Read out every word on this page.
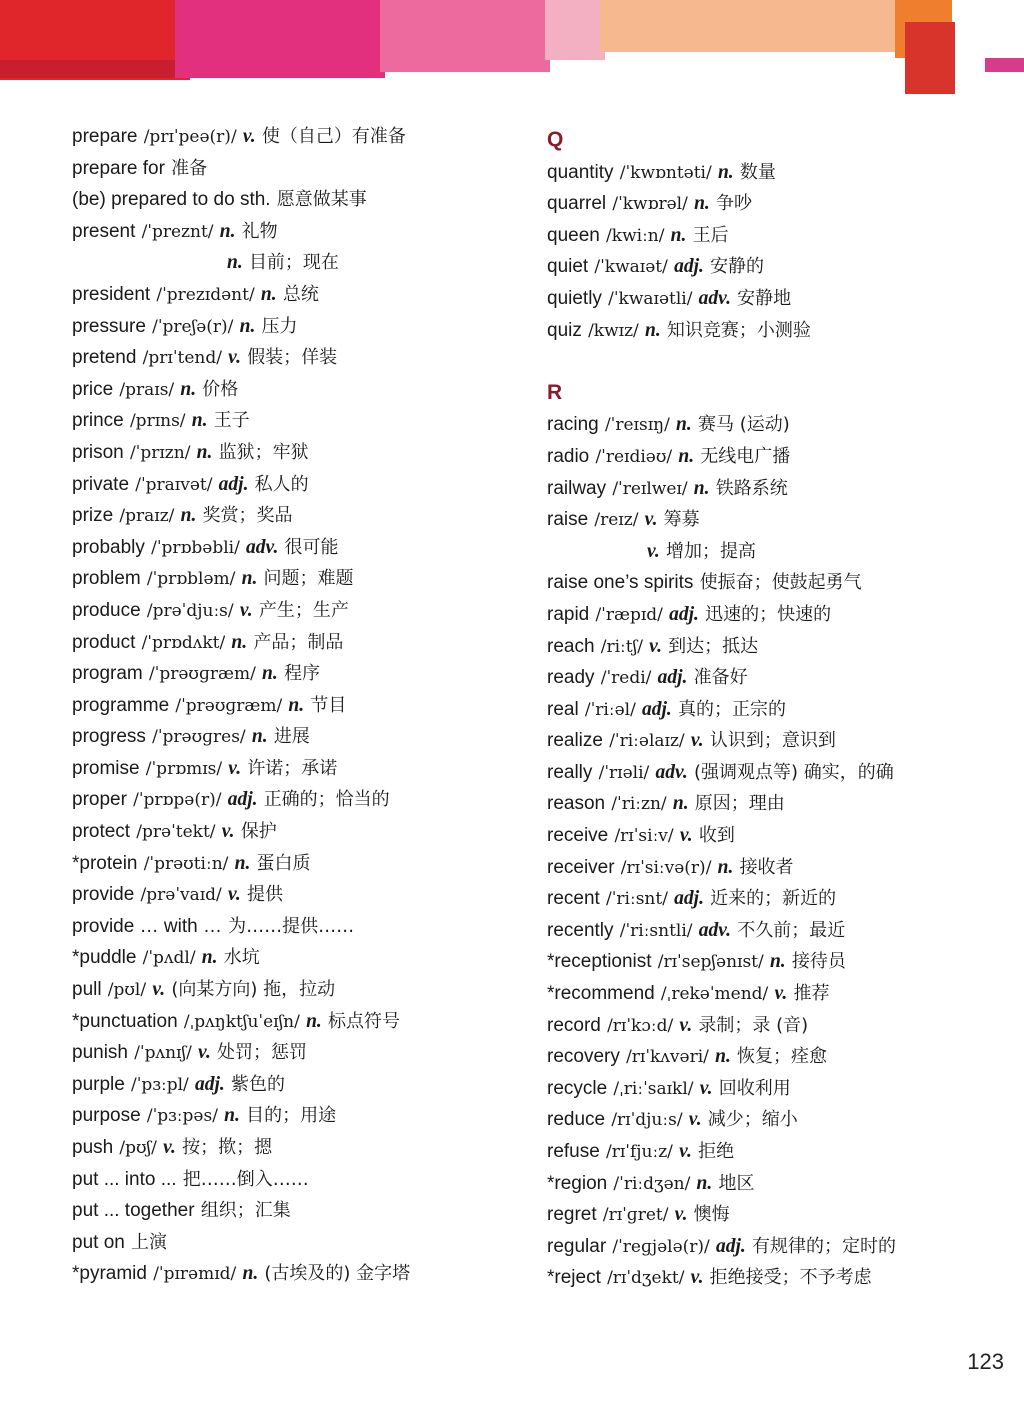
prepare /prɪˈpeə(r)/ v. 使（自己）有准备
prepare for 准备
(be) prepared to do sth. 愿意做某事
present /ˈpreznt/ n. 礼物
n. 目前；现在
president /ˈprezɪdənt/ n. 总统
pressure /ˈpreʃə(r)/ n. 压力
pretend /prɪˈtend/ v. 假装；佯装
price /praɪs/ n. 价格
prince /prɪns/ n. 王子
prison /ˈprɪzn/ n. 监狱；牢狱
private /ˈpraɪvət/ adj. 私人的
prize /praɪz/ n. 奖赏；奖品
probably /ˈprɒbəbli/ adv. 很可能
problem /ˈprɒbləm/ n. 问题；难题
produce /prəˈdjuːs/ v. 产生；生产
product /ˈprɒdʌkt/ n. 产品；制品
program /ˈprəʊɡræm/ n. 程序
programme /ˈprəʊɡræm/ n. 节目
progress /ˈprəʊɡres/ n. 进展
promise /ˈprɒmɪs/ v. 许诺；承诺
proper /ˈprɒpə(r)/ adj. 正确的；恰当的
protect /prəˈtekt/ v. 保护
*protein /ˈprəʊtiːn/ n. 蛋白质
provide /prəˈvaɪd/ v. 提供
provide … with … 为……提供……
*puddle /ˈpʌdl/ n. 水坑
pull /pʊl/ v. (向某方向) 拖，拉动
*punctuation /ˌpʌŋktʃuˈeɪʃn/ n. 标点符号
punish /ˈpʌnɪʃ/ v. 处罚；惩罚
purple /ˈpɜːpl/ adj. 紫色的
purpose /ˈpɜːpəs/ n. 目的；用途
push /pʊʃ/ v. 按；揿；摁
put ... into ... 把……倒入……
put ... together 组织；汇集
put on 上演
*pyramid /ˈpɪrəmɪd/ n. (古埃及的) 金字塔
Q
quantity /ˈkwɒntəti/ n. 数量
quarrel /ˈkwɒrəl/ n. 争吵
queen /kwiːn/ n. 王后
quiet /ˈkwaɪət/ adj. 安静的
quietly /ˈkwaɪətli/ adv. 安静地
quiz /kwɪz/ n. 知识竞赛；小测验
R
racing /ˈreɪsɪŋ/ n. 赛马 (运动)
radio /ˈreɪdiəʊ/ n. 无线电广播
railway /ˈreɪlweɪ/ n. 铁路系统
raise /reɪz/ v. 筹募
v. 增加；提高
raise one’s spirits 使振奋；使鼓起勇气
rapid /ˈræpɪd/ adj. 迅速的；快速的
reach /riːtʃ/ v. 到达；抵达
ready /ˈredi/ adj. 准备好
real /ˈriːəl/ adj. 真的；正宗的
realize /ˈriːəlaɪz/ v. 认识到；意识到
really /ˈrɪəli/ adv. (强调观点等) 确实，的确
reason /ˈriːzn/ n. 原因；理由
receive /rɪˈsiːv/ v. 收到
receiver /rɪˈsiːvə(r)/ n. 接收者
recent /ˈriːsnt/ adj. 近来的；新近的
recently /ˈriːsntli/ adv. 不久前；最近
*receptionist /rɪˈsepʃənɪst/ n. 接待员
*recommend /ˌrekəˈmend/ v. 推荐
record /rɪˈkɔːd/ v. 录制；录 (音)
recovery /rɪˈkʌvəri/ n. 恢复；痊愈
recycle /ˌriːˈsaɪkl/ v. 回收利用
reduce /rɪˈdjuːs/ v. 减少；缩小
refuse /rɪˈfjuːz/ v. 拒绝
*region /ˈriːdʒən/ n. 地区
regret /rɪˈɡret/ v. 懊悔
regular /ˈreɡjələ(r)/ adj. 有规律的；定时的
*reject /rɪˈdʒekt/ v. 拒绝接受；不予考虑
123
